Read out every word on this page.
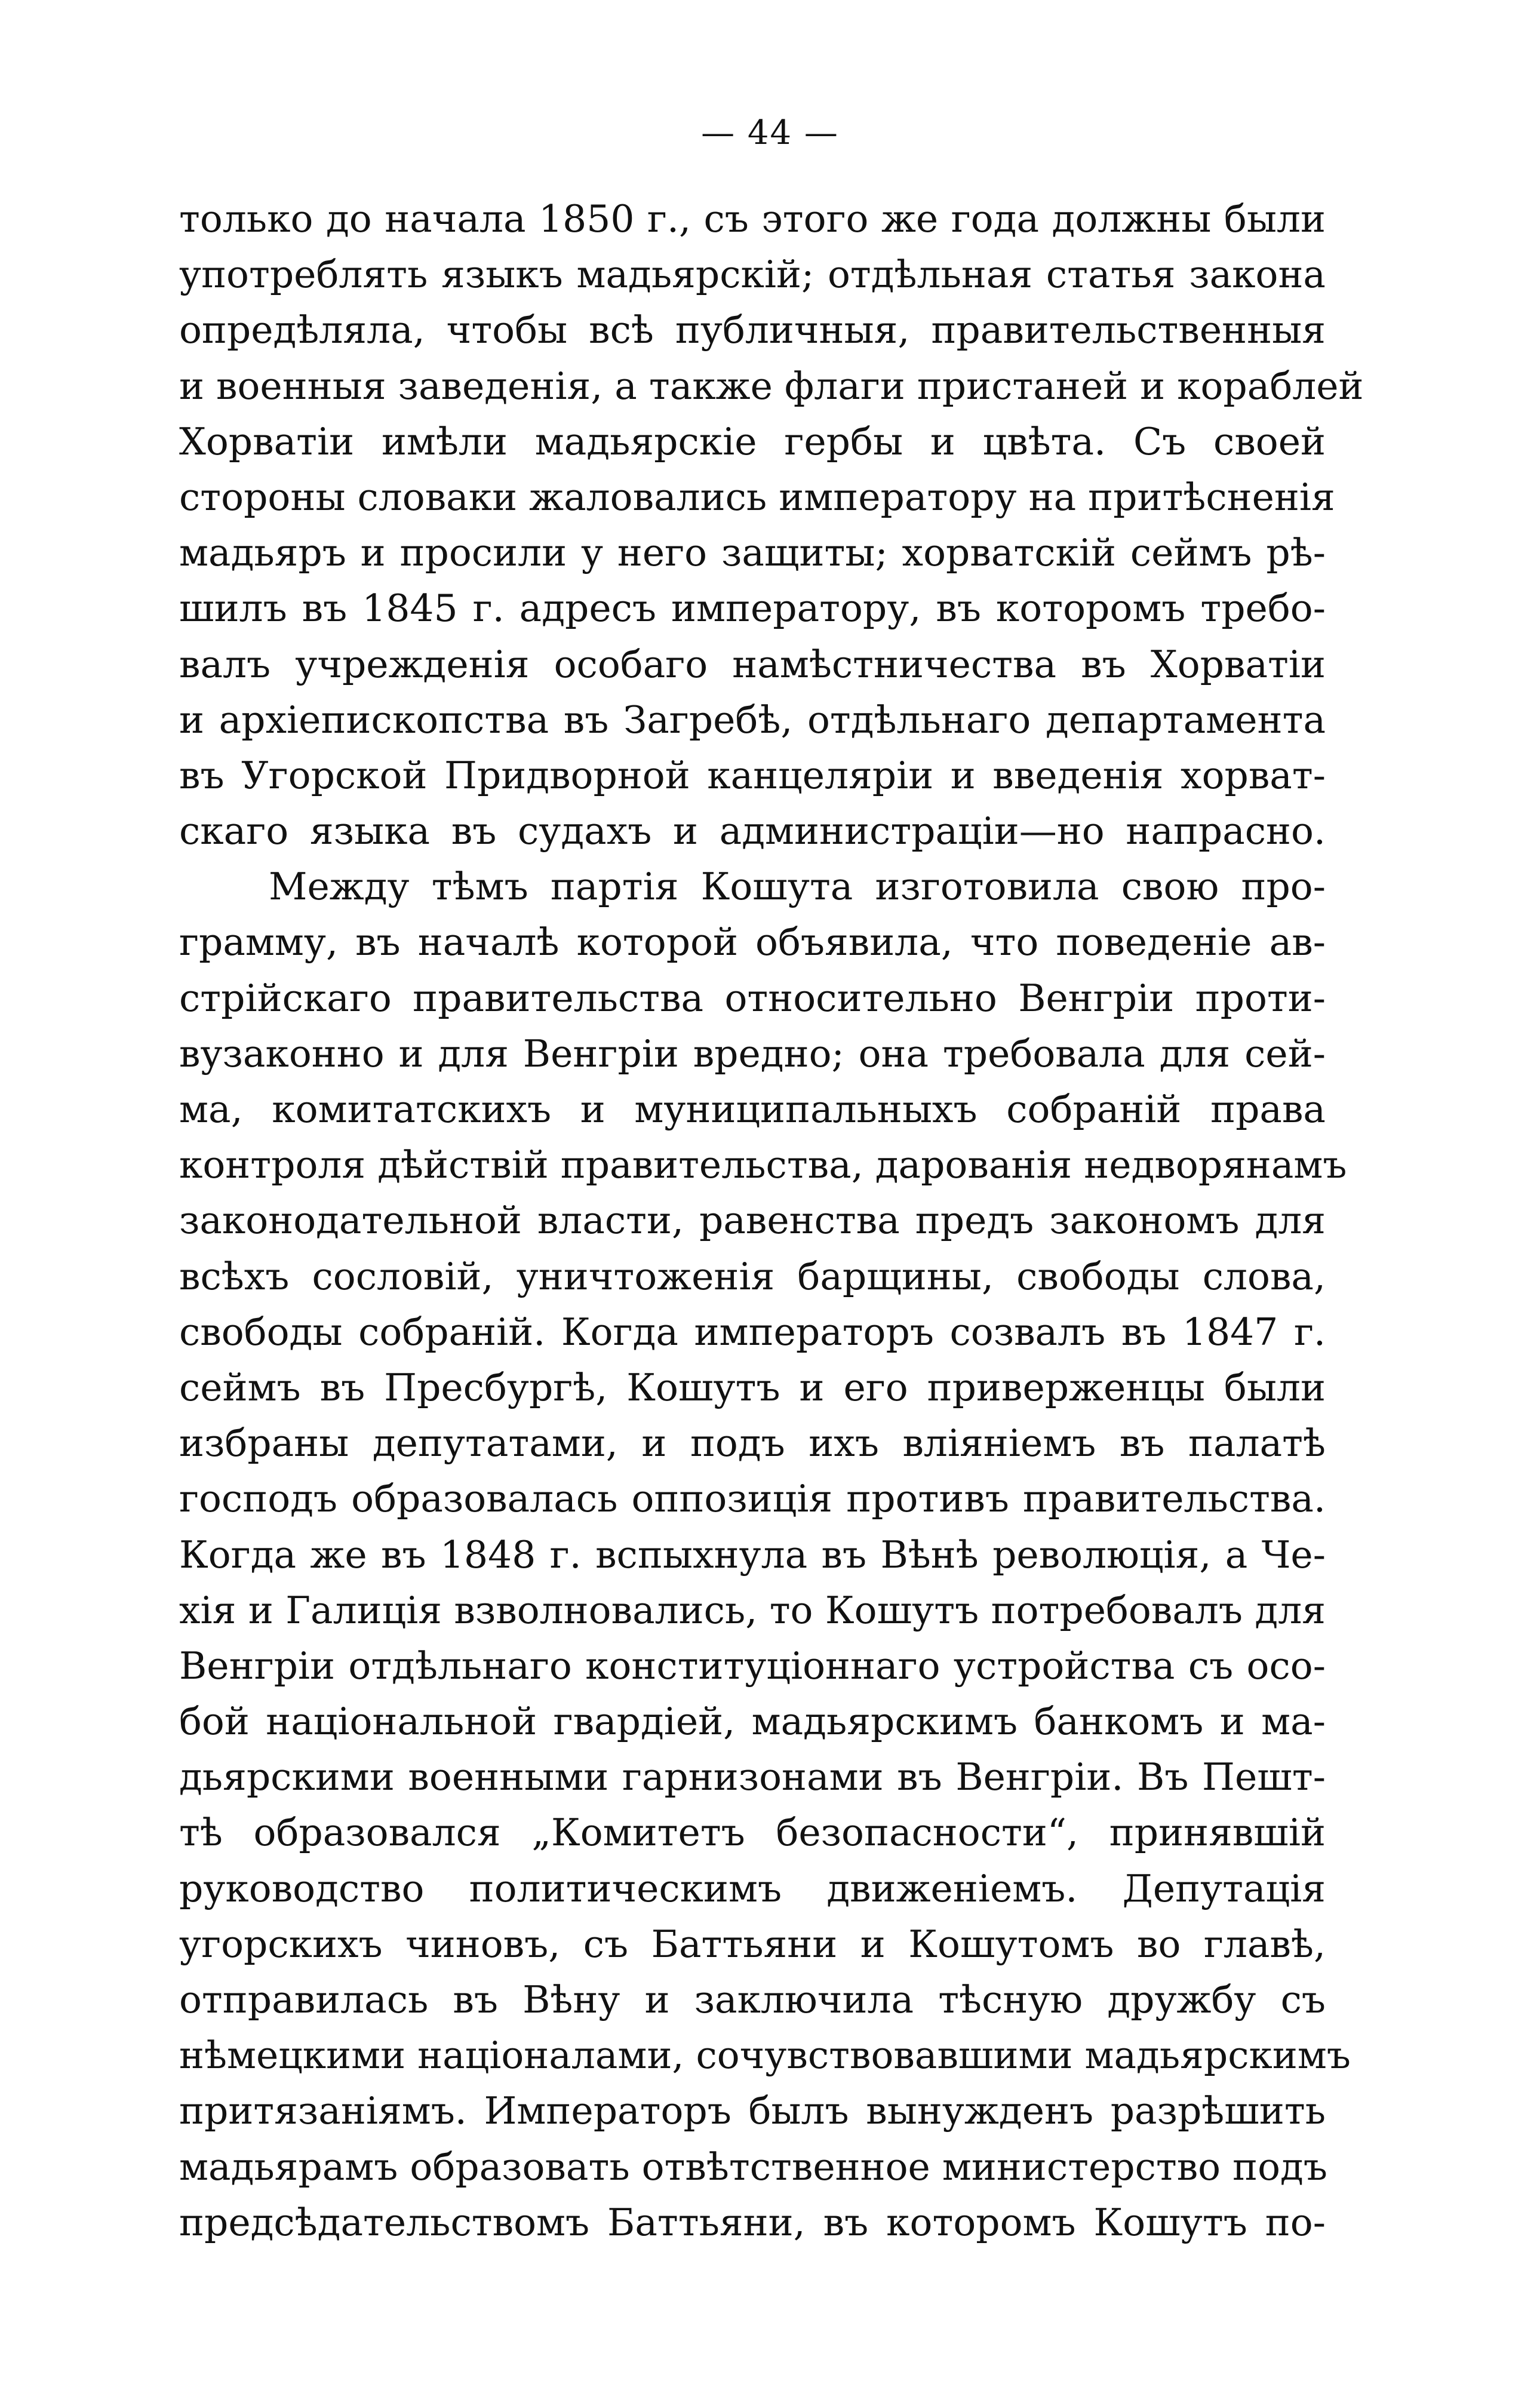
— 44 —
только до начала 1850 г., съ этого же года должны были
употреблять языкъ мадьярскій; отдѣльная статья закона
опредѣляла, чтобы всѣ публичныя, правительственныя
и военныя заведенія, а также флаги пристаней и кораблей
Хорватіи имѣли мадьярскіе гербы и цвѣта. Съ своей
стороны словаки жаловались императору на притѣсненія
мадьяръ и просили у него защиты; хорватскій сеймъ рѣ-
шилъ въ 1845 г. адресъ императору, въ которомъ требо-
валъ учрежденія особаго намѣстничества въ Хорватіи
и архіепископства въ Загребѣ, отдѣльнаго департамента
въ Угорской Придворной канцеляріи и введенія хорват-
скаго языка въ судахъ и администраціи—но напрасно.
Между тѣмъ партія Кошута изготовила свою про-
грамму, въ началѣ которой объявила, что поведеніе ав-
стрійскаго правительства относительно Венгріи проти-
вузаконно и для Венгріи вредно; она требовала для сей-
ма, комитатскихъ и муниципальныхъ собраній права
контроля дѣйствій правительства, дарованія недворянамъ
законодательной власти, равенства предъ закономъ для
всѣхъ сословій, уничтоженія барщины, свободы слова,
свободы собраній. Когда императоръ созвалъ въ 1847 г.
сеймъ въ Пресбургѣ, Кошутъ и его приверженцы были
избраны депутатами, и подъ ихъ вліяніемъ въ палатѣ
господъ образовалась оппозиція противъ правительства.
Когда же въ 1848 г. вспыхнула въ Вѣнѣ революція, а Че-
хія и Галиція взволновались, то Кошутъ потребовалъ для
Венгріи отдѣльнаго конституціоннаго устройства съ осо-
бой національной гвардіей, мадьярскимъ банкомъ и ма-
дьярскими военными гарнизонами въ Венгріи. Въ Пешт-
тѣ образовался „Комитетъ безопасности“, принявшій
руководство политическимъ движеніемъ. Депутація
угорскихъ чиновъ, съ Баттьяни и Кошутомъ во главѣ,
отправилась въ Вѣну и заключила тѣсную дружбу съ
нѣмецкими націоналами, сочувствовавшими мадьярскимъ
притязаніямъ. Императоръ былъ вынужденъ разрѣшить
мадьярамъ образовать отвѣтственное министерство подъ
предсѣдательствомъ Баттьяни, въ которомъ Кошутъ по-
